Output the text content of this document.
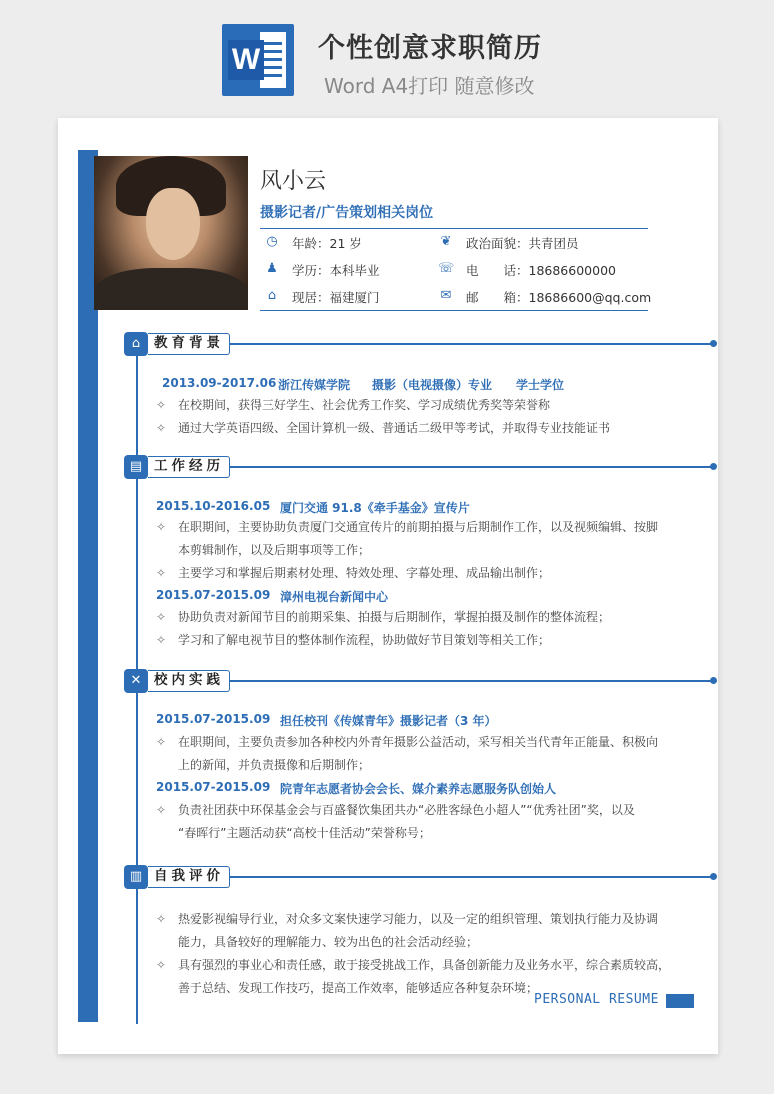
W 个性创意求职简历
Word A4打印 随意修改
风小云
摄影记者/广告策划相关岗位
◷ 年龄：21 岁	❦ 政治面貌：共青团员
♟ 学历：本科毕业	☏ 电　　话：18686600000
⌂	现居：福建厦门	✉ 邮　　箱：18686600@qq.com
⌂	教育背景
2013.09-2017.06 浙江传媒学院 摄影（电视摄像）专业 学士学位
✧ 在校期间，获得三好学生、社会优秀工作奖、学习成绩优秀奖等荣誉称
✧ 通过大学英语四级、全国计算机一级、普通话二级甲等考试，并取得专业技能证书
▤ 工作经历
2015.10-2016.05 厦门交通 91.8《牵手基金》宣传片
✧ 在职期间，主要协助负责厦门交通宣传片的前期拍摄与后期制作工作，以及视频编辑、按脚
本剪辑制作，以及后期事项等工作；
✧ 主要学习和掌握后期素材处理、特效处理、字幕处理、成品输出制作；
2015.07-2015.09 漳州电视台新闻中心
✧ 协助负责对新闻节目的前期采集、拍摄与后期制作，掌握拍摄及制作的整体流程；
✧ 学习和了解电视节目的整体制作流程，协助做好节目策划等相关工作；
✕ 校内实践
2015.07-2015.09 担任校刊《传媒青年》摄影记者（3 年）
✧ 在职期间，主要负责参加各种校内外青年摄影公益活动，采写相关当代青年正能量、积极向
上的新闻，并负责摄像和后期制作；
2015.07-2015.09 院青年志愿者协会会长、媒介素养志愿服务队创始人
✧ 负责社团获中环保基金会与百盛餐饮集团共办“必胜客绿色小超人”“优秀社团”奖，以及
“春晖行”主题活动获“高校十佳活动”荣誉称号；
▥ 自我评价
✧ 热爱影视编导行业，对众多文案快速学习能力，以及一定的组织管理、策划执行能力及协调
能力，具备较好的理解能力、较为出色的社会活动经验；
✧ 具有强烈的事业心和责任感，敢于接受挑战工作，具备创新能力及业务水平，综合素质较高，
善于总结、发现工作技巧，提高工作效率，能够适应各种复杂环境；
PERSONAL RESUME
